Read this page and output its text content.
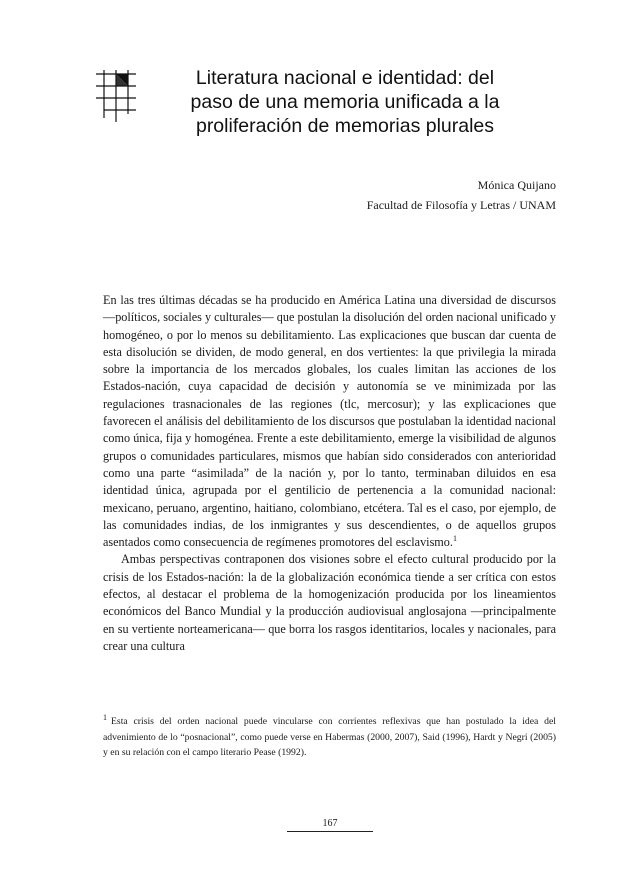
Literatura nacional e identidad: del
paso de una memoria unificada a la
proliferación de memorias plurales
Mónica Quijano
Facultad de Filosofía y Letras / UNAM

En las tres últimas décadas se ha producido en América Latina una diversidad de discursos —políticos, sociales y culturales— que postulan la disolución del orden nacional unificado y homogéneo, o por lo menos su debilitamiento. Las explicaciones que buscan dar cuenta de esta disolución se dividen, de modo general, en dos vertientes: la que privilegia la mirada sobre la importancia de los mercados globales, los cuales limitan las acciones de los Estados-nación, cuya capacidad de decisión y autonomía se ve minimizada por las regulaciones trasnacionales de las regiones (tlc, mercosur); y las explicaciones que favorecen el análisis del debilitamiento de los discursos que postulaban la identidad nacional como única, fija y homogénea. Frente a este debilitamiento, emerge la visibilidad de algunos grupos o comunidades particulares, mismos que habían sido considerados con anterioridad como una parte “asimilada” de la nación y, por lo tanto, terminaban diluidos en esa identidad única, agrupada por el gentilicio de pertenencia a la comunidad nacional: mexicano, peruano, argentino, haitiano, colombiano, etcétera. Tal es el caso, por ejemplo, de las comunidades indias, de los inmigrantes y sus descendientes, o de aquellos grupos asentados como consecuencia de regímenes promotores del esclavismo.$^1$

Ambas perspectivas contraponen dos visiones sobre el efecto cultural producido por la crisis de los Estados-nación: la de la globalización económica tiende a ser crítica con estos efectos, al destacar el problema de la homogenización producida por los lineamientos económicos del Banco Mundial y la producción audiovisual anglosajona —principalmente en su vertiente norteamericana— que borra los rasgos identitarios, locales y nacionales, para crear una cultura

$^1$ Esta crisis del orden nacional puede vincularse con corrientes reflexivas que han postulado la idea del advenimiento de lo “posnacional”, como puede verse en Habermas (2000, 2007), Said (1996), Hardt y Negri (2005) y en su relación con el campo literario Pease (1992).
167
